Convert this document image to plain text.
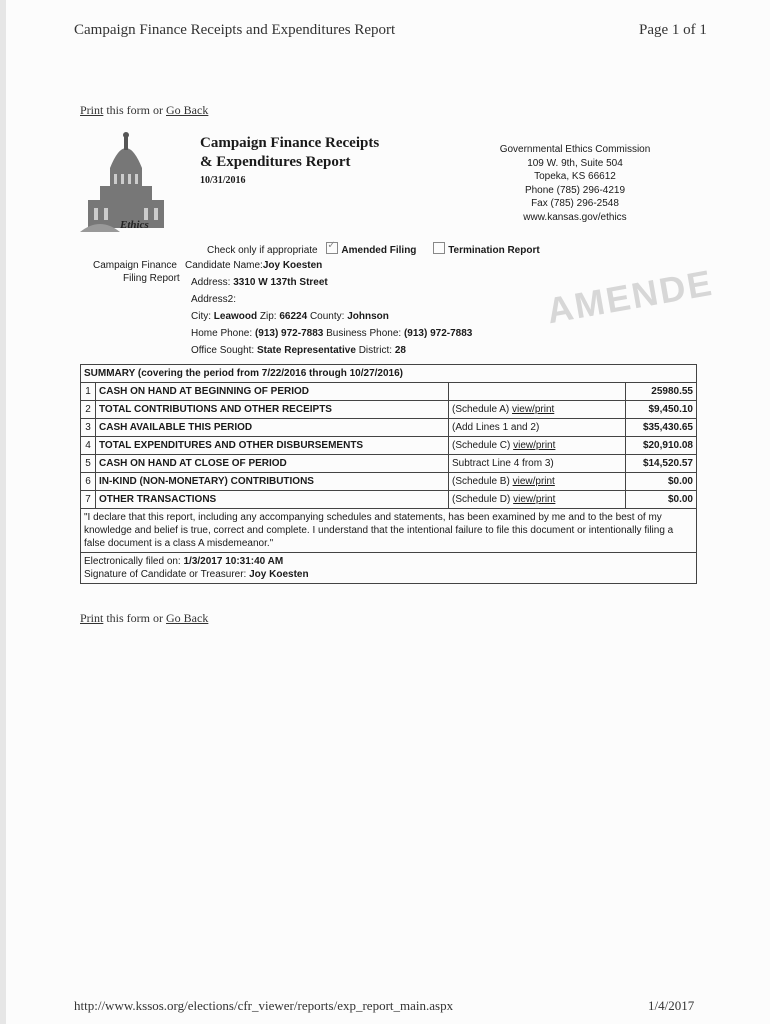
Campaign Finance Receipts and Expenditures Report	Page 1 of 1
Print this form or Go Back
Ethics
Campaign Finance Receipts
& Expenditures Report
10/31/2016
Governmental Ethics Commission
109 W. 9th, Suite 504
Topeka, KS 66612
Phone (785) 296-4219
Fax (785) 296-2548
www.kansas.gov/ethics
Check only if appropriate ✓ Amended Filing	Termination Report
Campaign Finance
Filing Report
Candidate Name:Joy Koesten
Address: 3310 W 137th Street
Address2:
City: Leawood Zip: 66224 County: Johnson
Home Phone: (913) 972-7883 Business Phone: (913) 972-7883
Office Sought: State Representative District: 28
AMENDE
SUMMARY (covering the period from 7/22/2016 through 10/27/2016)			
1	CASH ON HAND AT BEGINNING OF PERIOD		25980.55
2	TOTAL CONTRIBUTIONS AND OTHER RECEIPTS	(Schedule A) view/print	$9,450.10
3	CASH AVAILABLE THIS PERIOD	(Add Lines 1 and 2)	$35,430.65
4	TOTAL EXPENDITURES AND OTHER DISBURSEMENTS	(Schedule C) view/print	$20,910.08
5	CASH ON HAND AT CLOSE OF PERIOD	Subtract Line 4 from 3)	$14,520.57
6	IN-KIND (NON-MONETARY) CONTRIBUTIONS	(Schedule B) view/print	$0.00
7	OTHER TRANSACTIONS	(Schedule D) view/print	$0.00
"I declare that this report, including any accompanying schedules and statements, has been examined by me and to the best of my knowledge and belief is true, correct and complete. I understand that the intentional failure to file this document or intentionally filing a false document is a class A misdemeanor."			

Electronically filed on: 1/3/2017 10:31:40 AM
Signature of Candidate or Treasurer: Joy Koesten			
Print this form or Go Back
http://www.kssos.org/elections/cfr_viewer/reports/exp_report_main.aspx	1/4/2017
